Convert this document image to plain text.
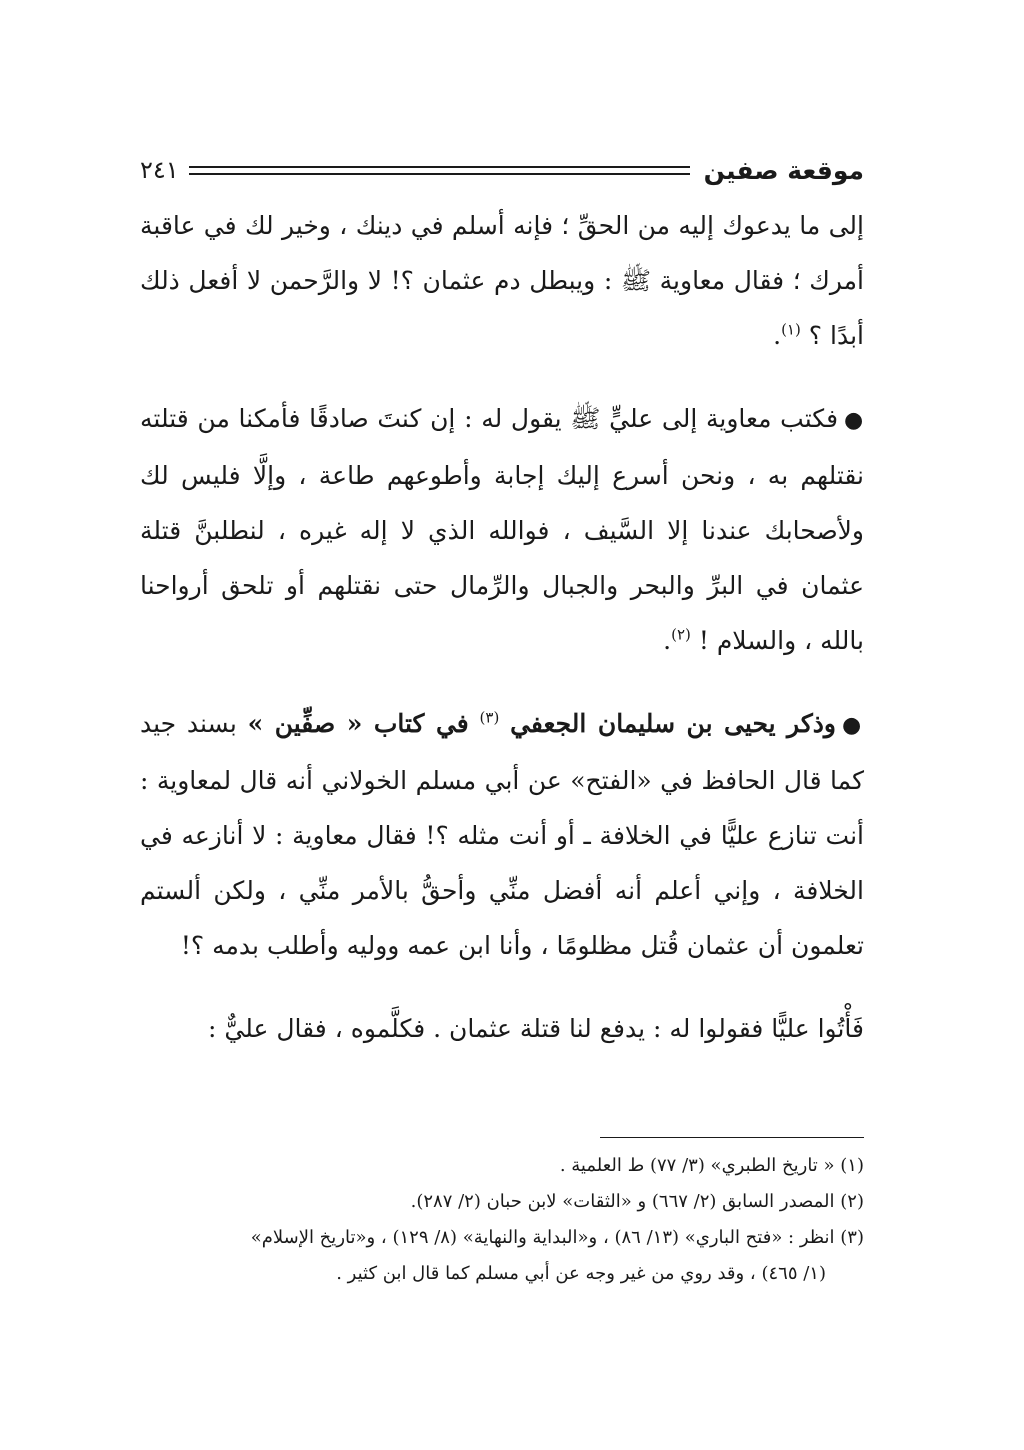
موقعة صفين
٢٤١

إلى ما يدعوك إليه من الحقِّ ؛ فإنه أسلم في دينك ، وخير لك في عاقبة أمرك ؛ فقال معاوية ﷺ : ويبطل دم عثمان ؟! لا والرَّحمن لا أفعل ذلك أبدًا ؟ $^{(١)}$.

●فكتب معاوية إلى عليٍّ ﷺ يقول له : إن كنتَ صادقًا فأمكنا من قتلته نقتلهم به ، ونحن أسرع إليك إجابة وأطوعهم طاعة ، وإلَّا فليس لك ولأصحابك عندنا إلا السَّيف ، فوالله الذي لا إله غيره ، لنطلبنَّ قتلة عثمان في البرِّ والبحر والجبال والرِّمال حتى نقتلهم أو تلحق أرواحنا بالله ، والسلام ! $^{(٢)}$.

●وذكر يحيى بن سليمان الجعفي $^{(٣)}$ في كتاب « صفِّين » بسند جيد كما قال الحافظ في «الفتح» عن أبي مسلم الخولاني أنه قال لمعاوية : أنت تنازع عليًّا في الخلافة ـ أو أنت مثله ؟! فقال معاوية : لا أنازعه في الخلافة ، وإني أعلم أنه أفضل منِّي وأحقُّ بالأمر منِّي ، ولكن ألستم تعلمون أن عثمان قُتل مظلومًا ، وأنا ابن عمه ووليه وأطلب بدمه ؟!

فَأْتُوا عليًّا فقولوا له : يدفع لنا قتلة عثمان . فكلَّموه ، فقال عليٌّ :

(١) « تاريخ الطبري» (٣/ ٧٧) ط العلمية .

(٢) المصدر السابق (٢/ ٦٦٧) و «الثقات» لابن حبان (٢/ ٢٨٧).

(٣) انظر : «فتح الباري» (١٣/ ٨٦) ، و«البداية والنهاية» (٨/ ١٢٩) ، و«تاريخ الإسلام»
(١/ ٤٦٥) ، وقد روي من غير وجه عن أبي مسلم كما قال ابن كثير .
